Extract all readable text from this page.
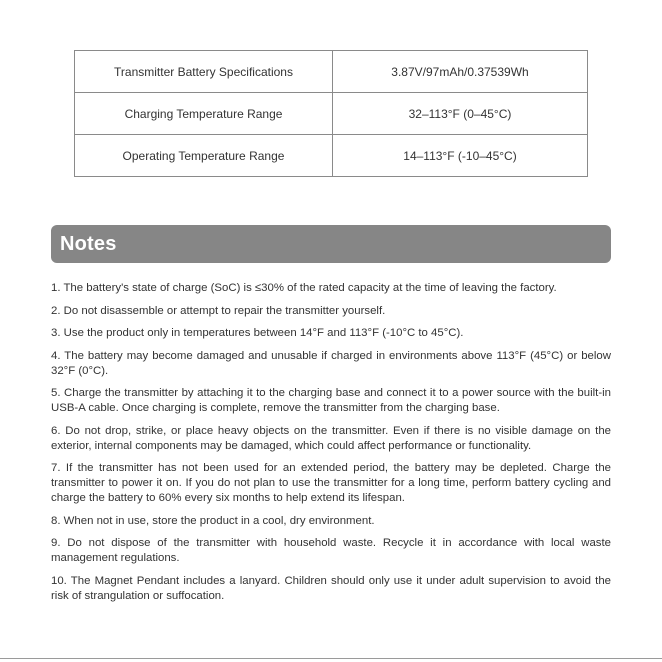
Transmitter Battery Specifications	3.87V/97mAh/0.37539Wh
Charging Temperature Range	32–113°F (0–45°C)
Operating Temperature Range	14–113°F (-10–45°C)
Notes
1. The battery's state of charge (SoC) is ≤30% of the rated capacity at the time of leaving the factory.
2. Do not disassemble or attempt to repair the transmitter yourself.
3. Use the product only in temperatures between 14°F and 113°F (-10°C to 45°C).
4. The battery may become damaged and unusable if charged in environments above 113°F (45°C) or below 32°F (0°C).
5. Charge the transmitter by attaching it to the charging base and connect it to a power source with the built-in USB-A cable. Once charging is complete, remove the transmitter from the charging base.
6. Do not drop, strike, or place heavy objects on the transmitter. Even if there is no visible damage on the exterior, internal components may be damaged, which could affect performance or functionality.
7. If the transmitter has not been used for an extended period, the battery may be depleted. Charge the transmitter to power it on. If you do not plan to use the transmitter for a long time, perform battery cycling and charge the battery to 60% every six months to help extend its lifespan.
8. When not in use, store the product in a cool, dry environment.
9. Do not dispose of the transmitter with household waste. Recycle it in accordance with local waste management regulations.
10. The Magnet Pendant includes a lanyard. Children should only use it under adult supervision to avoid the risk of strangulation or suffocation.
